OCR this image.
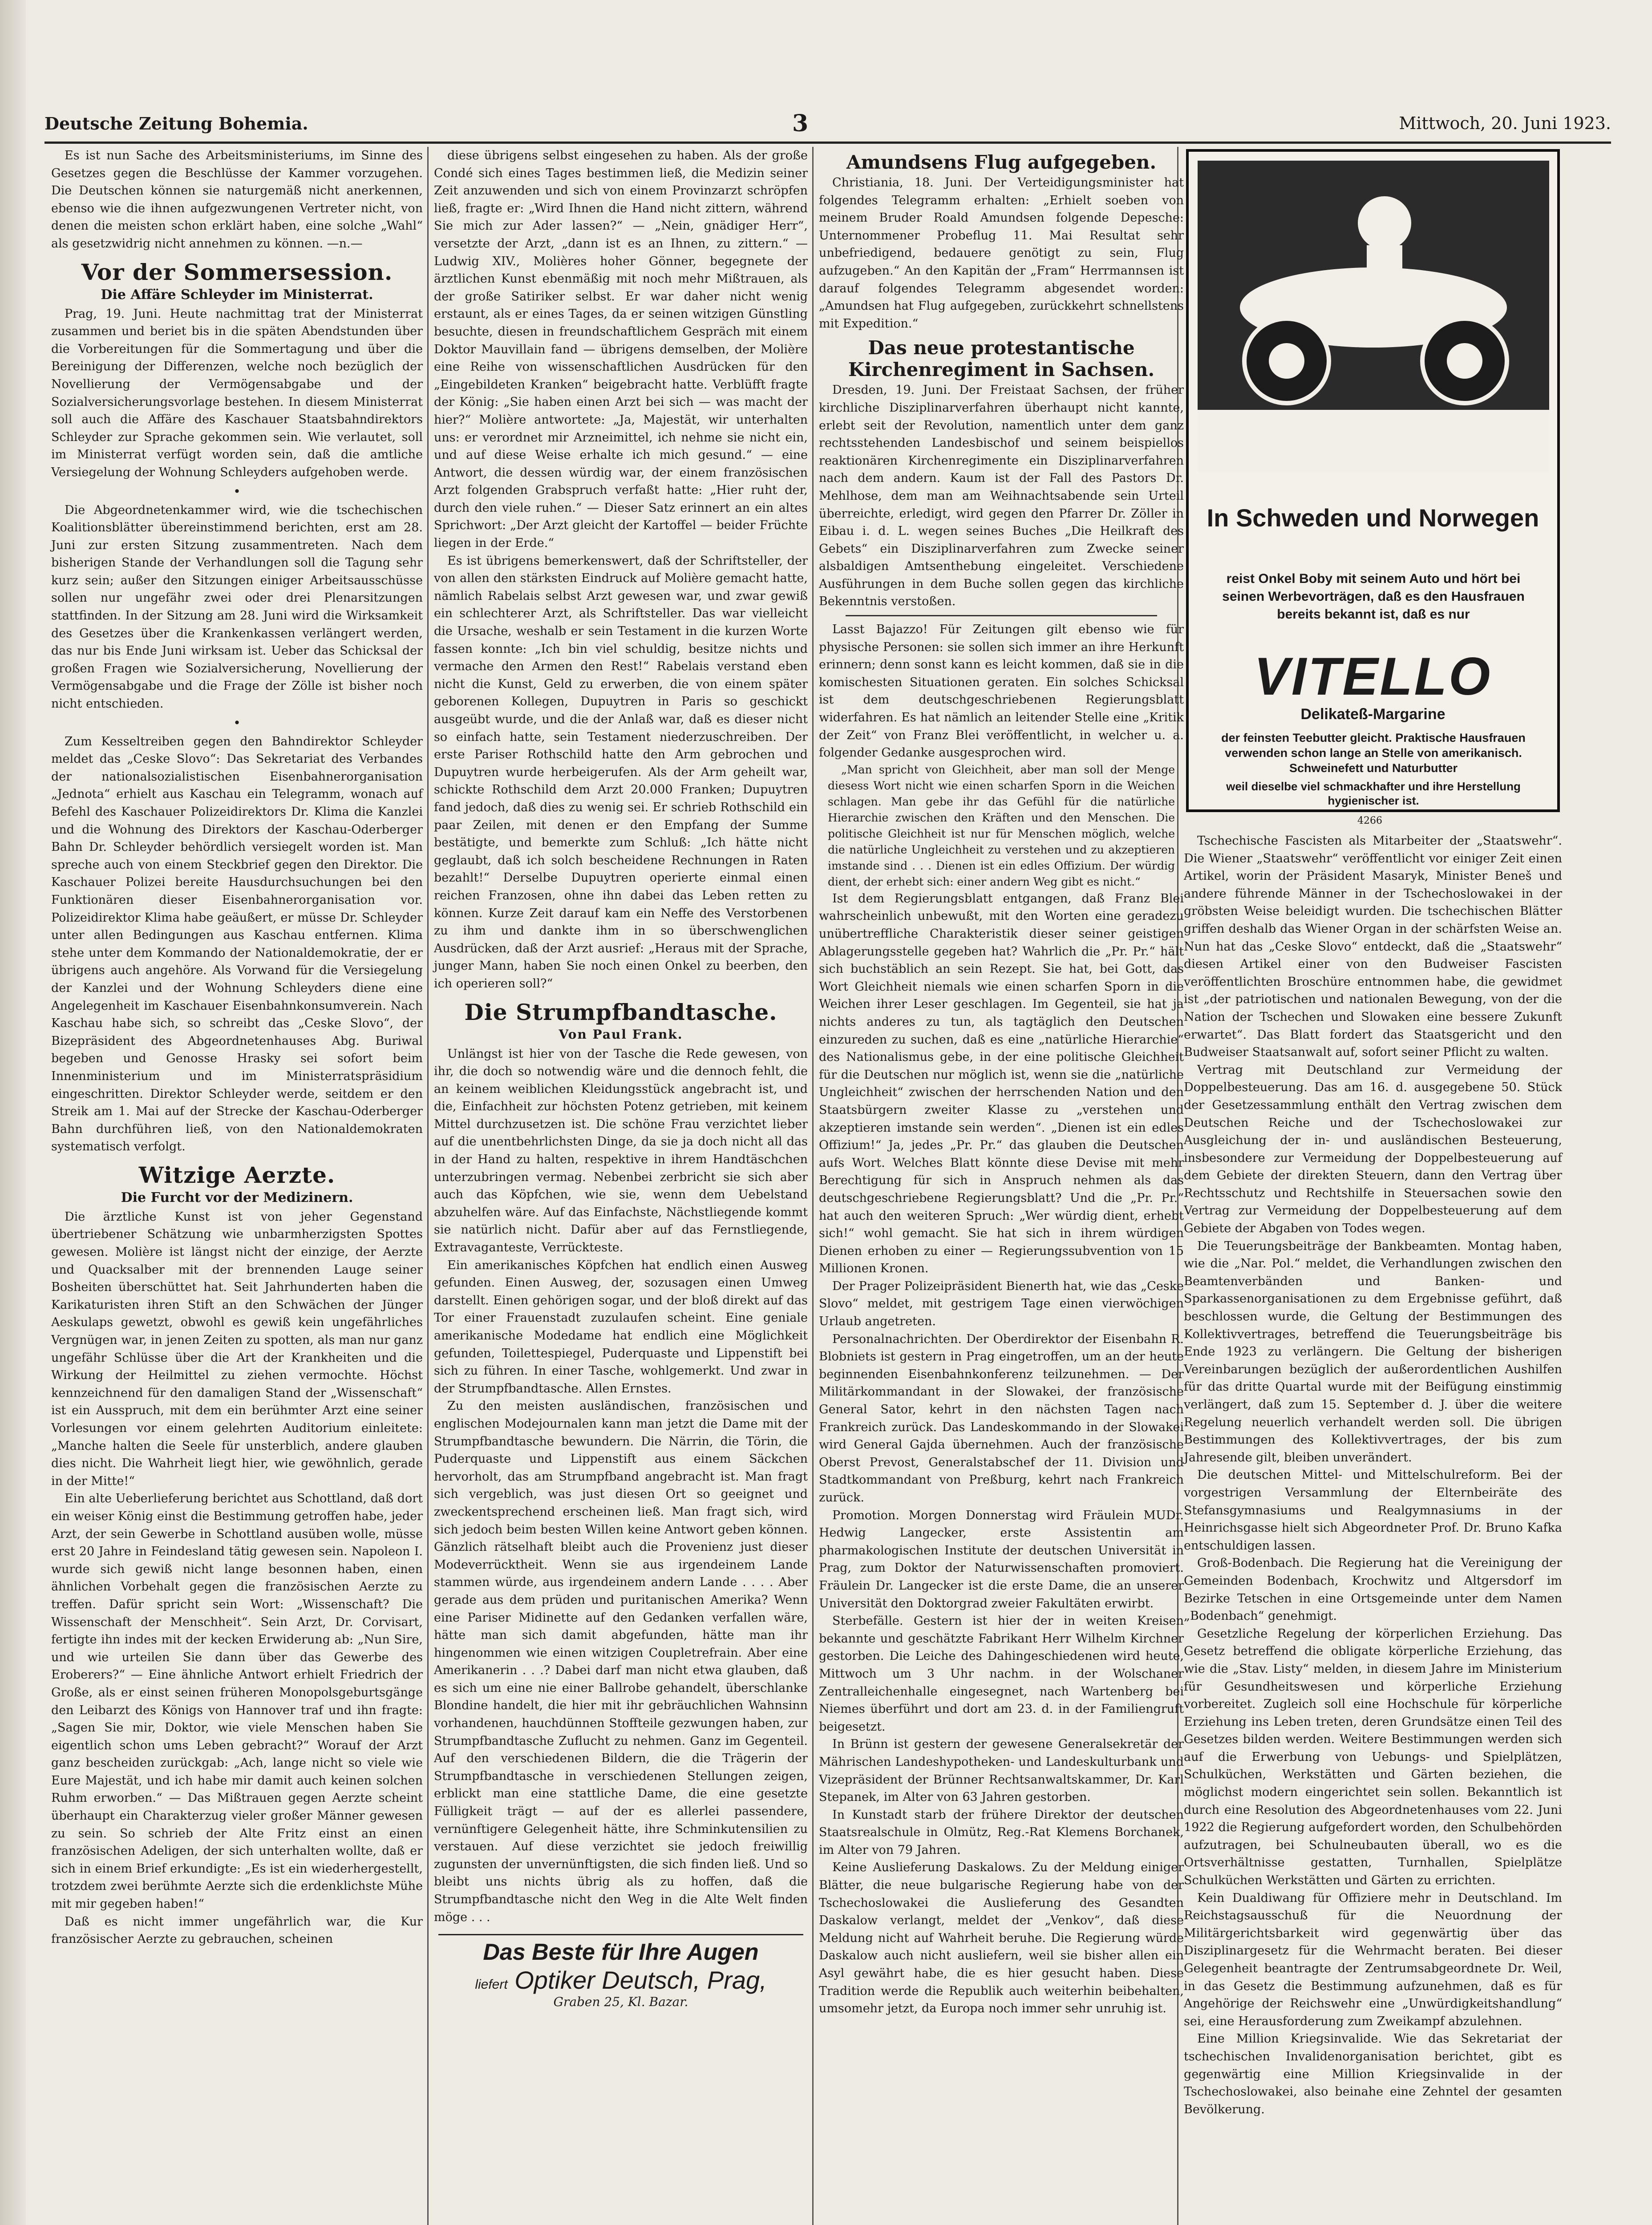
Deutsche Zeitung Bohemia.	3	Mittwoch, 20. Juni 1923.

Es ist nun Sache des Arbeitsministeriums, im Sinne des Gesetzes gegen die Beschlüsse der Kammer vorzugehen. Die Deutschen können sie naturgemäß nicht anerkennen, ebenso wie die ihnen aufgezwungenen Vertreter nicht, von denen die meisten schon erklärt haben, eine solche „Wahl“ als gesetzwidrig nicht annehmen zu können. —n.—

Vor der Sommersession.
Die Affäre Schleyder im Ministerrat.

Prag, 19. Juni. Heute nachmittag trat der Ministerrat zusammen und beriet bis in die späten Abendstunden über die Vorbereitungen für die Sommertagung und über die Bereinigung der Differenzen, welche noch bezüglich der Novellierung der Vermögensabgabe und der Sozialversicherungsvorlage bestehen. In diesem Ministerrat soll auch die Affäre des Kaschauer Staatsbahndirektors Schleyder zur Sprache gekommen sein. Wie verlautet, soll im Ministerrat verfügt worden sein, daß die amtliche Versiegelung der Wohnung Schleyders aufgehoben werde.

•

Die Abgeordnetenkammer wird, wie die tschechischen Koalitionsblätter übereinstimmend berichten, erst am 28. Juni zur ersten Sitzung zusammentreten. Nach dem bisherigen Stande der Verhandlungen soll die Tagung sehr kurz sein; außer den Sitzungen einiger Arbeitsausschüsse sollen nur ungefähr zwei oder drei Plenarsitzungen stattfinden. In der Sitzung am 28. Juni wird die Wirksamkeit des Gesetzes über die Krankenkassen verlängert werden, das nur bis Ende Juni wirksam ist. Ueber das Schicksal der großen Fragen wie Sozialversicherung, Novellierung der Vermögensabgabe und die Frage der Zölle ist bisher noch nicht entschieden.

•

Zum Kesseltreiben gegen den Bahndirektor Schleyder meldet das „Ceske Slovo“: Das Sekretariat des Verbandes der nationalsozialistischen Eisenbahnerorganisation „Jednota“ erhielt aus Kaschau ein Telegramm, wonach auf Befehl des Kaschauer Polizeidirektors Dr. Klima die Kanzlei und die Wohnung des Direktors der Kaschau-Oderberger Bahn Dr. Schleyder behördlich versiegelt worden ist. Man spreche auch von einem Steckbrief gegen den Direktor. Die Kaschauer Polizei bereite Hausdurchsuchungen bei den Funktionären dieser Eisenbahnerorganisation vor. Polizeidirektor Klima habe geäußert, er müsse Dr. Schleyder unter allen Bedingungen aus Kaschau entfernen. Klima stehe unter dem Kommando der Nationaldemokratie, der er übrigens auch angehöre. Als Vorwand für die Versiegelung der Kanzlei und der Wohnung Schleyders diene eine Angelegenheit im Kaschauer Eisenbahnkonsumverein. Nach Kaschau habe sich, so schreibt das „Ceske Slovo“, der Bizepräsident des Abgeordnetenhauses Abg. Buriwal begeben und Genosse Hrasky sei sofort beim Innenministerium und im Ministerratspräsidium eingeschritten. Direktor Schleyder werde, seitdem er den Streik am 1. Mai auf der Strecke der Kaschau-Oderberger Bahn durchführen ließ, von den Nationaldemokraten systematisch verfolgt.

Witzige Aerzte.
Die Furcht vor der Medizinern.

Die ärztliche Kunst ist von jeher Gegenstand übertriebener Schätzung wie unbarmherzigsten Spottes gewesen. Molière ist längst nicht der einzige, der Aerzte und Quacksalber mit der brennenden Lauge seiner Bosheiten überschüttet hat. Seit Jahrhunderten haben die Karikaturisten ihren Stift an den Schwächen der Jünger Aeskulaps gewetzt, obwohl es gewiß kein ungefährliches Vergnügen war, in jenen Zeiten zu spotten, als man nur ganz ungefähr Schlüsse über die Art der Krankheiten und die Wirkung der Heilmittel zu ziehen vermochte. Höchst kennzeichnend für den damaligen Stand der „Wissenschaft“ ist ein Ausspruch, mit dem ein berühmter Arzt eine seiner Vorlesungen vor einem gelehrten Auditorium einleitete: „Manche halten die Seele für unsterblich, andere glauben dies nicht. Die Wahrheit liegt hier, wie gewöhnlich, gerade in der Mitte!“

Ein alte Ueberlieferung berichtet aus Schottland, daß dort ein weiser König einst die Bestimmung getroffen habe, jeder Arzt, der sein Gewerbe in Schottland ausüben wolle, müsse erst 20 Jahre in Feindesland tätig gewesen sein. Napoleon I. wurde sich gewiß nicht lange besonnen haben, einen ähnlichen Vorbehalt gegen die französischen Aerzte zu treffen. Dafür spricht sein Wort: „Wissenschaft? Die Wissenschaft der Menschheit“. Sein Arzt, Dr. Corvisart, fertigte ihn indes mit der kecken Erwiderung ab: „Nun Sire, und wie urteilen Sie dann über das Gewerbe des Eroberers?“ — Eine ähnliche Antwort erhielt Friedrich der Große, als er einst seinen früheren Monopolsgeburtsgänge den Leibarzt des Königs von Hannover traf und ihn fragte: „Sagen Sie mir, Doktor, wie viele Menschen haben Sie eigentlich schon ums Leben gebracht?“ Worauf der Arzt ganz bescheiden zurückgab: „Ach, lange nicht so viele wie Eure Majestät, und ich habe mir damit auch keinen solchen Ruhm erworben.“ — Das Mißtrauen gegen Aerzte scheint überhaupt ein Charakterzug vieler großer Männer gewesen zu sein. So schrieb der Alte Fritz einst an einen französischen Adeligen, der sich unterhalten wollte, daß er sich in einem Brief erkundigte: „Es ist ein wiederhergestellt, trotzdem zwei berühmte Aerzte sich die erdenklichste Mühe mit mir gegeben haben!“

Daß es nicht immer ungefährlich war, die Kur französischer Aerzte zu gebrauchen, scheinen

diese übrigens selbst eingesehen zu haben. Als der große Condé sich eines Tages bestimmen ließ, die Medizin seiner Zeit anzuwenden und sich von einem Provinzarzt schröpfen ließ, fragte er: „Wird Ihnen die Hand nicht zittern, während Sie mich zur Ader lassen?“ — „Nein, gnädiger Herr“, versetzte der Arzt, „dann ist es an Ihnen, zu zittern.“ — Ludwig XIV., Molières hoher Gönner, begegnete der ärztlichen Kunst ebenmäßig mit noch mehr Mißtrauen, als der große Satiriker selbst. Er war daher nicht wenig erstaunt, als er eines Tages, da er seinen witzigen Günstling besuchte, diesen in freundschaftlichem Gespräch mit einem Doktor Mauvillain fand — übrigens demselben, der Molière eine Reihe von wissenschaftlichen Ausdrücken für den „Eingebildeten Kranken“ beigebracht hatte. Verblüfft fragte der König: „Sie haben einen Arzt bei sich — was macht der hier?“ Molière antwortete: „Ja, Majestät, wir unterhalten uns: er verordnet mir Arzneimittel, ich nehme sie nicht ein, und auf diese Weise erhalte ich mich gesund.“ — eine Antwort, die dessen würdig war, der einem französischen Arzt folgenden Grabspruch verfaßt hatte: „Hier ruht der, durch den viele ruhen.“ — Dieser Satz erinnert an ein altes Sprichwort: „Der Arzt gleicht der Kartoffel — beider Früchte liegen in der Erde.“

Es ist übrigens bemerkenswert, daß der Schriftsteller, der von allen den stärksten Eindruck auf Molière gemacht hatte, nämlich Rabelais selbst Arzt gewesen war, und zwar gewiß ein schlechterer Arzt, als Schriftsteller. Das war vielleicht die Ursache, weshalb er sein Testament in die kurzen Worte fassen konnte: „Ich bin viel schuldig, besitze nichts und vermache den Armen den Rest!“ Rabelais verstand eben nicht die Kunst, Geld zu erwerben, die von einem später geborenen Kollegen, Dupuytren in Paris so geschickt ausgeübt wurde, und die der Anlaß war, daß es dieser nicht so einfach hatte, sein Testament niederzuschreiben. Der erste Pariser Rothschild hatte den Arm gebrochen und Dupuytren wurde herbeigerufen. Als der Arm geheilt war, schickte Rothschild dem Arzt 20.000 Franken; Dupuytren fand jedoch, daß dies zu wenig sei. Er schrieb Rothschild ein paar Zeilen, mit denen er den Empfang der Summe bestätigte, und bemerkte zum Schluß: „Ich hätte nicht geglaubt, daß ich solch bescheidene Rechnungen in Raten bezahlt!“ Derselbe Dupuytren operierte einmal einen reichen Franzosen, ohne ihn dabei das Leben retten zu können. Kurze Zeit darauf kam ein Neffe des Verstorbenen zu ihm und dankte ihm in so überschwenglichen Ausdrücken, daß der Arzt ausrief: „Heraus mit der Sprache, junger Mann, haben Sie noch einen Onkel zu beerben, den ich operieren soll?“

Die Strumpfbandtasche.
Von Paul Frank.

Unlängst ist hier von der Tasche die Rede gewesen, von ihr, die doch so notwendig wäre und die dennoch fehlt, die an keinem weiblichen Kleidungsstück angebracht ist, und die, Einfachheit zur höchsten Potenz getrieben, mit keinem Mittel durchzusetzen ist. Die schöne Frau verzichtet lieber auf die unentbehrlichsten Dinge, da sie ja doch nicht all das in der Hand zu halten, respektive in ihrem Handtäschchen unterzubringen vermag. Nebenbei zerbricht sie sich aber auch das Köpfchen, wie sie, wenn dem Uebelstand abzuhelfen wäre. Auf das Einfachste, Nächstliegende kommt sie natürlich nicht. Dafür aber auf das Fernstliegende, Extravaganteste, Verrückteste.

Ein amerikanisches Köpfchen hat endlich einen Ausweg gefunden. Einen Ausweg, der, sozusagen einen Umweg darstellt. Einen gehörigen sogar, und der bloß direkt auf das Tor einer Frauenstadt zuzulaufen scheint. Eine geniale amerikanische Modedame hat endlich eine Möglichkeit gefunden, Toilettespiegel, Puderquaste und Lippenstift bei sich zu führen. In einer Tasche, wohlgemerkt. Und zwar in der Strumpfbandtasche. Allen Ernstes.

Zu den meisten ausländischen, französischen und englischen Modejournalen kann man jetzt die Dame mit der Strumpfbandtasche bewundern. Die Närrin, die Törin, die Puderquaste und Lippenstift aus einem Säckchen hervorholt, das am Strumpfband angebracht ist. Man fragt sich vergeblich, was just diesen Ort so geeignet und zweckentsprechend erscheinen ließ. Man fragt sich, wird sich jedoch beim besten Willen keine Antwort geben können. Gänzlich rätselhaft bleibt auch die Provenienz just dieser Modeverrücktheit. Wenn sie aus irgendeinem Lande stammen würde, aus irgendeinem andern Lande . . . . Aber gerade aus dem prüden und puritanischen Amerika? Wenn eine Pariser Midinette auf den Gedanken verfallen wäre, hätte man sich damit abgefunden, hätte man ihr hingenommen wie einen witzigen Coupletrefrain. Aber eine Amerikanerin . . .? Dabei darf man nicht etwa glauben, daß es sich um eine nie einer Ballrobe gehandelt, überschlanke Blondine handelt, die hier mit ihr gebräuchlichen Wahnsinn vorhandenen, hauchdünnen Stoffteile gezwungen haben, zur Strumpfbandtasche Zuflucht zu nehmen. Ganz im Gegenteil. Auf den verschiedenen Bildern, die die Trägerin der Strumpfbandtasche in verschiedenen Stellungen zeigen, erblickt man eine stattliche Dame, die eine gesetzte Fülligkeit trägt — auf der es allerlei passendere, vernünftigere Gelegenheit hätte, ihre Schminkutensilien zu verstauen. Auf diese verzichtet sie jedoch freiwillig zugunsten der unvernünftigsten, die sich finden ließ. Und so bleibt uns nichts übrig als zu hoffen, daß die Strumpfbandtasche nicht den Weg in die Alte Welt finden möge . . .

Das Beste für Ihre Augen
liefert Optiker Deutsch, Prag,
Graben 25, Kl. Bazar.
Amundsens Flug aufgegeben.

Christiania, 18. Juni. Der Verteidigungsminister hat folgendes Telegramm erhalten: „Erhielt soeben von meinem Bruder Roald Amundsen folgende Depesche: Unternommener Probeflug 11. Mai Resultat sehr unbefriedigend, bedauere genötigt zu sein, Flug aufzugeben.“ An den Kapitän der „Fram“ Herrmannsen ist darauf folgendes Telegramm abgesendet worden: „Amundsen hat Flug aufgegeben, zurückkehrt schnellstens mit Expedition.“

Das neue protestantische Kirchenregiment in Sachsen.

Dresden, 19. Juni. Der Freistaat Sachsen, der früher kirchliche Disziplinarverfahren überhaupt nicht kannte, erlebt seit der Revolution, namentlich unter dem ganz rechtsstehenden Landesbischof und seinem beispiellos reaktionären Kirchenregimente ein Disziplinarverfahren nach dem andern. Kaum ist der Fall des Pastors Dr. Mehlhose, dem man am Weihnachtsabende sein Urteil überreichte, erledigt, wird gegen den Pfarrer Dr. Zöller in Eibau i. d. L. wegen seines Buches „Die Heilkraft des Gebets“ ein Disziplinarverfahren zum Zwecke seiner alsbaldigen Amtsenthebung eingeleitet. Verschiedene Ausführungen in dem Buche sollen gegen das kirchliche Bekenntnis verstoßen.

Lasst Bajazzo! Für Zeitungen gilt ebenso wie für physische Personen: sie sollen sich immer an ihre Herkunft erinnern; denn sonst kann es leicht kommen, daß sie in die komischesten Situationen geraten. Ein solches Schicksal ist dem deutschgeschriebenen Regierungsblatt widerfahren. Es hat nämlich an leitender Stelle eine „Kritik der Zeit“ von Franz Blei veröffentlicht, in welcher u. a. folgender Gedanke ausgesprochen wird.

„Man spricht von Gleichheit, aber man soll der Menge diesess Wort nicht wie einen scharfen Sporn in die Weichen schlagen. Man gebe ihr das Gefühl für die natürliche Hierarchie zwischen den Kräften und den Menschen. Die politische Gleichheit ist nur für Menschen möglich, welche die natürliche Ungleichheit zu verstehen und zu akzeptieren imstande sind . . . Dienen ist ein edles Offizium. Der würdig dient, der erhebt sich: einer andern Weg gibt es nicht.“

Ist dem Regierungsblatt entgangen, daß Franz Blei wahrscheinlich unbewußt, mit den Worten eine geradezu unübertreffliche Charakteristik dieser seiner geistigen Ablagerungsstelle gegeben hat? Wahrlich die „Pr. Pr.“ hält sich buchstäblich an sein Rezept. Sie hat, bei Gott, das Wort Gleichheit niemals wie einen scharfen Sporn in die Weichen ihrer Leser geschlagen. Im Gegenteil, sie hat ja nichts anderes zu tun, als tagtäglich den Deutschen einzureden zu suchen, daß es eine „natürliche Hierarchie“ des Nationalismus gebe, in der eine politische Gleichheit für die Deutschen nur möglich ist, wenn sie die „natürliche Ungleichheit“ zwischen der herrschenden Nation und den Staatsbürgern zweiter Klasse zu „verstehen und akzeptieren imstande sein werden“. „Dienen ist ein edles Offizium!“ Ja, jedes „Pr. Pr.“ das glauben die Deutschen aufs Wort. Welches Blatt könnte diese Devise mit mehr Berechtigung für sich in Anspruch nehmen als das deutschgeschriebene Regierungsblatt? Und die „Pr. Pr.“ hat auch den weiteren Spruch: „Wer würdig dient, erhebt sich!“ wohl gemacht. Sie hat sich in ihrem würdigen Dienen erhoben zu einer — Regierungssubvention von 15 Millionen Kronen.

Der Prager Polizeipräsident Bienerth hat, wie das „Ceske Slovo“ meldet, mit gestrigem Tage einen vierwöchigen Urlaub angetreten.

Personalnachrichten. Der Oberdirektor der Eisenbahn R. Blobniets ist gestern in Prag eingetroffen, um an der heute beginnenden Eisenbahnkonferenz teilzunehmen. — Der Militärkommandant in der Slowakei, der französische General Sator, kehrt in den nächsten Tagen nach Frankreich zurück. Das Landeskommando in der Slowakei wird General Gajda übernehmen. Auch der französische Oberst Prevost, Generalstabschef der 11. Division und Stadtkommandant von Preßburg, kehrt nach Frankreich zurück.

Promotion. Morgen Donnerstag wird Fräulein MUDr. Hedwig Langecker, erste Assistentin am pharmakologischen Institute der deutschen Universität in Prag, zum Doktor der Naturwissenschaften promoviert. Fräulein Dr. Langecker ist die erste Dame, die an unserer Universität den Doktorgrad zweier Fakultäten erwirbt.

Sterbefälle. Gestern ist hier der in weiten Kreisen bekannte und geschätzte Fabrikant Herr Wilhelm Kirchner gestorben. Die Leiche des Dahingeschiedenen wird heute, Mittwoch um 3 Uhr nachm. in der Wolschaner Zentralleichenhalle eingesegnet, nach Wartenberg bei Niemes überführt und dort am 23. d. in der Familiengruft beigesetzt.

In Brünn ist gestern der gewesene Generalsekretär der Mährischen Landeshypotheken- und Landeskulturbank und Vizepräsident der Brünner Rechtsanwaltskammer, Dr. Karl Stepanek, im Alter von 63 Jahren gestorben.

In Kunstadt starb der frühere Direktor der deutschen Staatsrealschule in Olmütz, Reg.-Rat Klemens Borchanek, im Alter von 79 Jahren.

Keine Auslieferung Daskalows. Zu der Meldung einiger Blätter, die neue bulgarische Regierung habe von der Tschechoslowakei die Auslieferung des Gesandten Daskalow verlangt, meldet der „Venkov“, daß diese Meldung nicht auf Wahrheit beruhe. Die Regierung würde Daskalow auch nicht ausliefern, weil sie bisher allen ein Asyl gewährt habe, die es hier gesucht haben. Diese Tradition werde die Republik auch weiterhin beibehalten, umsomehr jetzt, da Europa noch immer sehr unruhig ist.

In Schweden und Norwegen
reist Onkel Boby mit seinem Auto und hört bei seinen Werbevorträgen, daß es den Hausfrauen bereits bekannt ist, daß es nur
VITELLO
Delikateß-Margarine
der feinsten Teebutter gleicht. Praktische Hausfrauen verwenden schon lange an Stelle von amerikanisch. Schweinefett und Naturbutter
weil dieselbe viel schmackhafter und ihre Herstellung hygienischer ist.
4266

Tschechische Fascisten als Mitarbeiter der „Staatswehr“. Die Wiener „Staatswehr“ veröffentlicht vor einiger Zeit einen Artikel, worin der Präsident Masaryk, Minister Beneš und andere führende Männer in der Tschechoslowakei in der gröbsten Weise beleidigt wurden. Die tschechischen Blätter griffen deshalb das Wiener Organ in der schärfsten Weise an. Nun hat das „Ceske Slovo“ entdeckt, daß die „Staatswehr“ diesen Artikel einer von den Budweiser Fascisten veröffentlichten Broschüre entnommen habe, die gewidmet ist „der patriotischen und nationalen Bewegung, von der die Nation der Tschechen und Slowaken eine bessere Zukunft erwartet“. Das Blatt fordert das Staatsgericht und den Budweiser Staatsanwalt auf, sofort seiner Pflicht zu walten.

Vertrag mit Deutschland zur Vermeidung der Doppelbesteuerung. Das am 16. d. ausgegebene 50. Stück der Gesetzessammlung enthält den Vertrag zwischen dem Deutschen Reiche und der Tschechoslowakei zur Ausgleichung der in- und ausländischen Besteuerung, insbesondere zur Vermeidung der Doppelbesteuerung auf dem Gebiete der direkten Steuern, dann den Vertrag über Rechtsschutz und Rechtshilfe in Steuersachen sowie den Vertrag zur Vermeidung der Doppelbesteuerung auf dem Gebiete der Abgaben von Todes wegen.

Die Teuerungsbeiträge der Bankbeamten. Montag haben, wie die „Nar. Pol.“ meldet, die Verhandlungen zwischen den Beamtenverbänden und Banken- und Sparkassenorganisationen zu dem Ergebnisse geführt, daß beschlossen wurde, die Geltung der Bestimmungen des Kollektivvertrages, betreffend die Teuerungsbeiträge bis Ende 1923 zu verlängern. Die Geltung der bisherigen Vereinbarungen bezüglich der außerordentlichen Aushilfen für das dritte Quartal wurde mit der Beifügung einstimmig verlängert, daß zum 15. September d. J. über die weitere Regelung neuerlich verhandelt werden soll. Die übrigen Bestimmungen des Kollektivvertrages, der bis zum Jahresende gilt, bleiben unverändert.

Die deutschen Mittel- und Mittelschulreform. Bei der vorgestrigen Versammlung der Elternbeiräte des Stefansgymnasiums und Realgymnasiums in der Heinrichsgasse hielt sich Abgeordneter Prof. Dr. Bruno Kafka entschuldigen lassen.

Groß-Bodenbach. Die Regierung hat die Vereinigung der Gemeinden Bodenbach, Krochwitz und Altgersdorf im Bezirke Tetschen in eine Ortsgemeinde unter dem Namen „Bodenbach“ genehmigt.

Gesetzliche Regelung der körperlichen Erziehung. Das Gesetz betreffend die obligate körperliche Erziehung, das wie die „Stav. Listy“ melden, in diesem Jahre im Ministerium für Gesundheitswesen und körperliche Erziehung vorbereitet. Zugleich soll eine Hochschule für körperliche Erziehung ins Leben treten, deren Grundsätze einen Teil des Gesetzes bilden werden. Weitere Bestimmungen werden sich auf die Erwerbung von Uebungs- und Spielplätzen, Schulküchen, Werkstätten und Gärten beziehen, die möglichst modern eingerichtet sein sollen. Bekanntlich ist durch eine Resolution des Abgeordnetenhauses vom 22. Juni 1922 die Regierung aufgefordert worden, den Schulbehörden aufzutragen, bei Schulneubauten überall, wo es die Ortsverhältnisse gestatten, Turnhallen, Spielplätze Schulküchen Werkstätten und Gärten zu errichten.

Kein Dualdiwang für Offiziere mehr in Deutschland. Im Reichstagsausschuß für die Neuordnung der Militärgerichtsbarkeit wird gegenwärtig über das Disziplinargesetz für die Wehrmacht beraten. Bei dieser Gelegenheit beantragte der Zentrumsabgeordnete Dr. Weil, in das Gesetz die Bestimmung aufzunehmen, daß es für Angehörige der Reichswehr eine „Unwürdigkeitshandlung“ sei, eine Herausforderung zum Zweikampf abzulehnen.

Eine Million Kriegsinvalide. Wie das Sekretariat der tschechischen Invalidenorganisation berichtet, gibt es gegenwärtig eine Million Kriegsinvalide in der Tschechoslowakei, also beinahe eine Zehntel der gesamten Bevölkerung.
